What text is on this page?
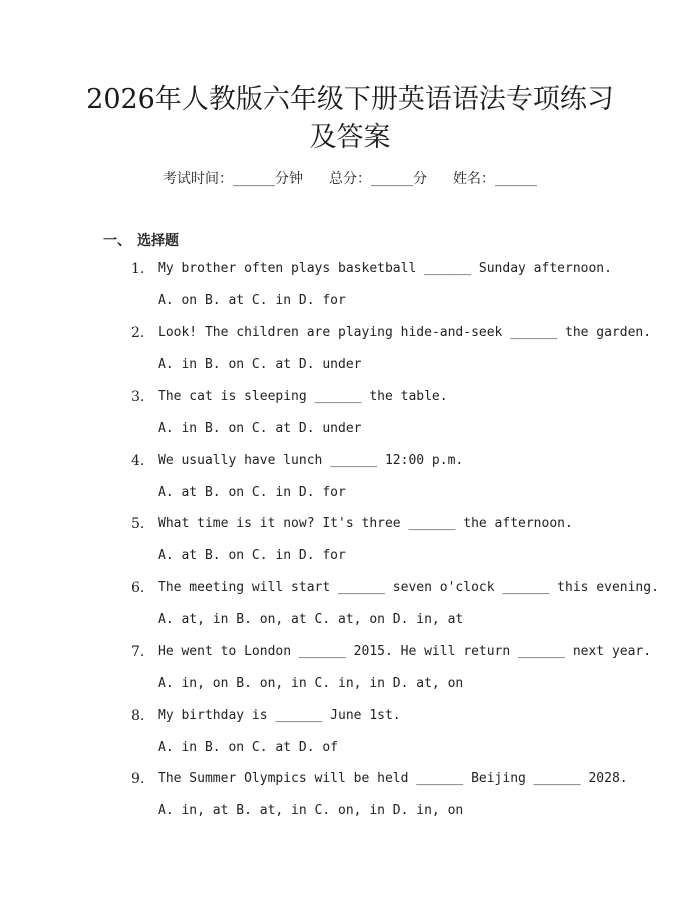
2026年人教版六年级下册英语语法专项练习
及答案
考试时间：______分钟 总分：______分 姓名：______
一、 选择题
1. My brother often plays basketball ______ Sunday afternoon.
A. on B. at C. in D. for
2. Look! The children are playing hide-and-seek ______ the garden.
A. in B. on C. at D. under
3. The cat is sleeping ______ the table.
A. in B. on C. at D. under
4. We usually have lunch ______ 12:00 p.m.
A. at B. on C. in D. for
5. What time is it now? It's three ______ the afternoon.
A. at B. on C. in D. for
6. The meeting will start ______ seven o'clock ______ this evening.
A. at, in B. on, at C. at, on D. in, at
7. He went to London ______ 2015. He will return ______ next year.
A. in, on B. on, in C. in, in D. at, on
8. My birthday is ______ June 1st.
A. in B. on C. at D. of
9. The Summer Olympics will be held ______ Beijing ______ 2028.
A. in, at B. at, in C. on, in D. in, on
